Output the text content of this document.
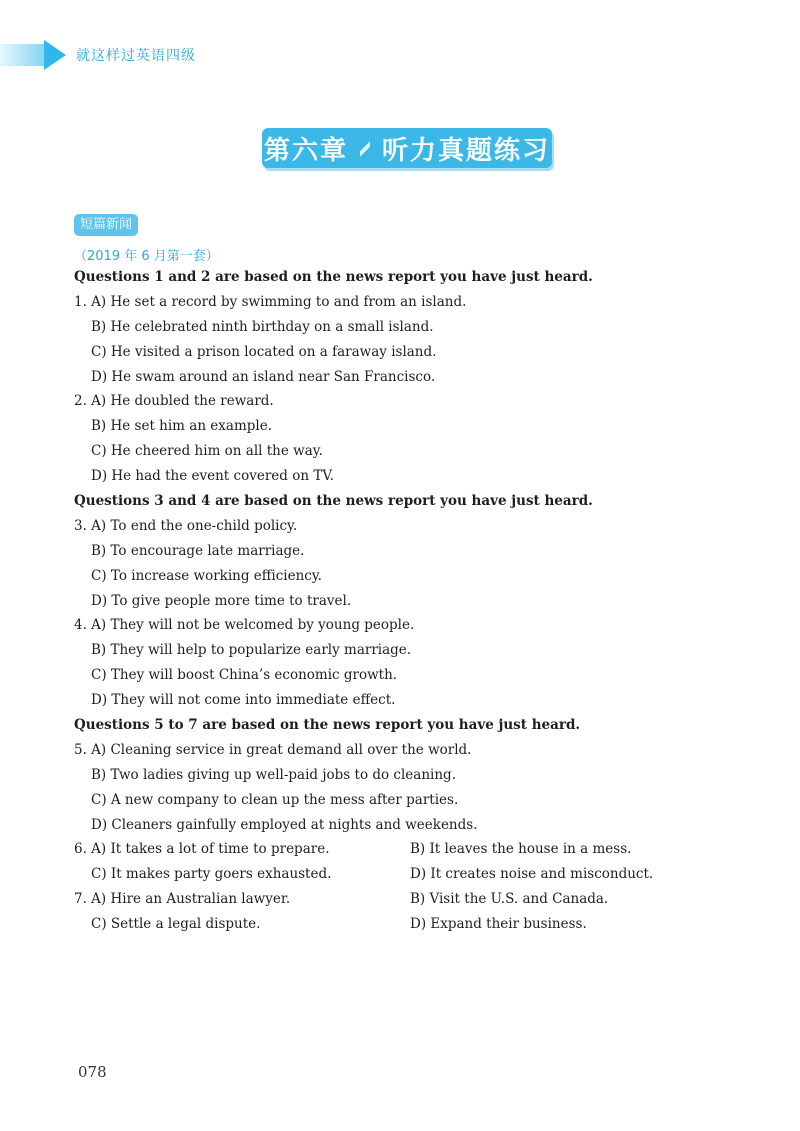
就这样过英语四级
第六章 听力真题练习
短篇新闻
（2019 年 6 月第一套）
Questions 1 and 2 are based on the news report you have just heard.
1. A) He set a record by swimming to and from an island.
B) He celebrated ninth birthday on a small island.
C) He visited a prison located on a faraway island.
D) He swam around an island near San Francisco.
2. A) He doubled the reward.
B) He set him an example.
C) He cheered him on all the way.
D) He had the event covered on TV.
Questions 3 and 4 are based on the news report you have just heard.
3. A) To end the one-child policy.
B) To encourage late marriage.
C) To increase working efficiency.
D) To give people more time to travel.
4. A) They will not be welcomed by young people.
B) They will help to popularize early marriage.
C) They will boost China’s economic growth.
D) They will not come into immediate effect.
Questions 5 to 7 are based on the news report you have just heard.
5. A) Cleaning service in great demand all over the world.
B) Two ladies giving up well-paid jobs to do cleaning.
C) A new company to clean up the mess after parties.
D) Cleaners gainfully employed at nights and weekends.
6. A) It takes a lot of time to prepare.	B) It leaves the house in a mess.
C) It makes party goers exhausted.	D) It creates noise and misconduct.
7. A) Hire an Australian lawyer.	B) Visit the U.S. and Canada.
C) Settle a legal dispute.	D) Expand their business.
078
